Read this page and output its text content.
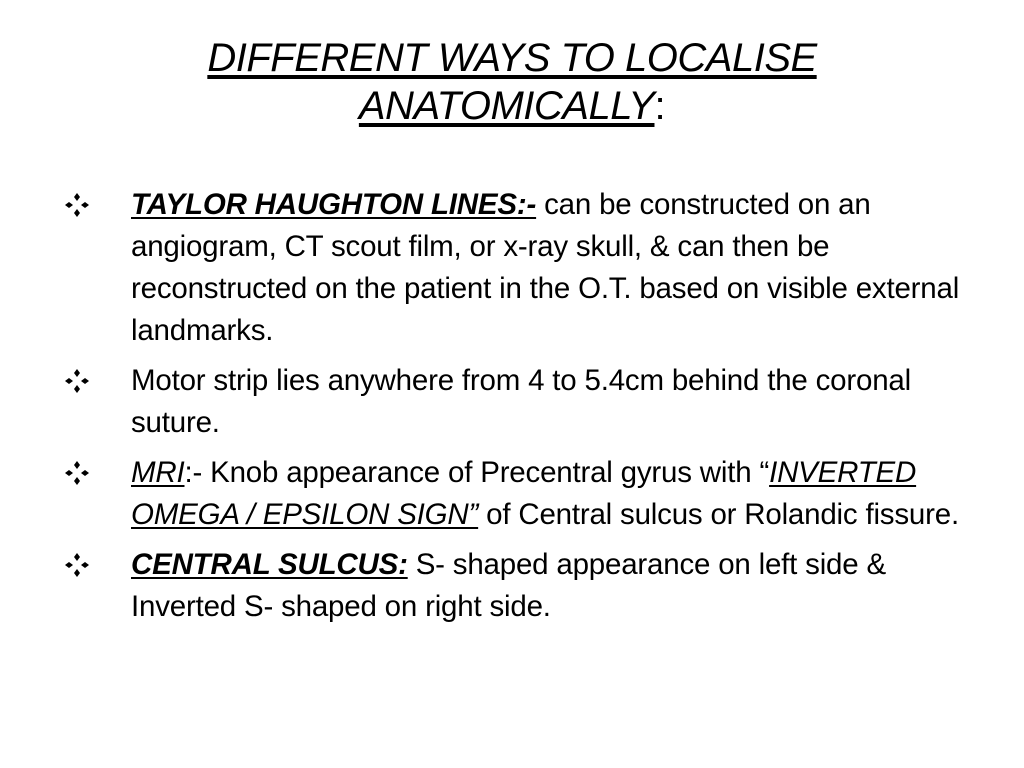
DIFFERENT WAYS TO LOCALISE ANATOMICALLY:
TAYLOR HAUGHTON LINES:- can be constructed on an angiogram, CT scout film, or x-ray skull, & can then be reconstructed on the patient in the O.T. based on visible external landmarks.
Motor strip lies anywhere from 4 to 5.4cm behind the coronal suture.
MRI:- Knob appearance of Precentral gyrus with “INVERTED OMEGA / EPSILON SIGN” of Central sulcus or Rolandic fissure.
CENTRAL SULCUS: S- shaped appearance on left side & Inverted S- shaped on right side.
